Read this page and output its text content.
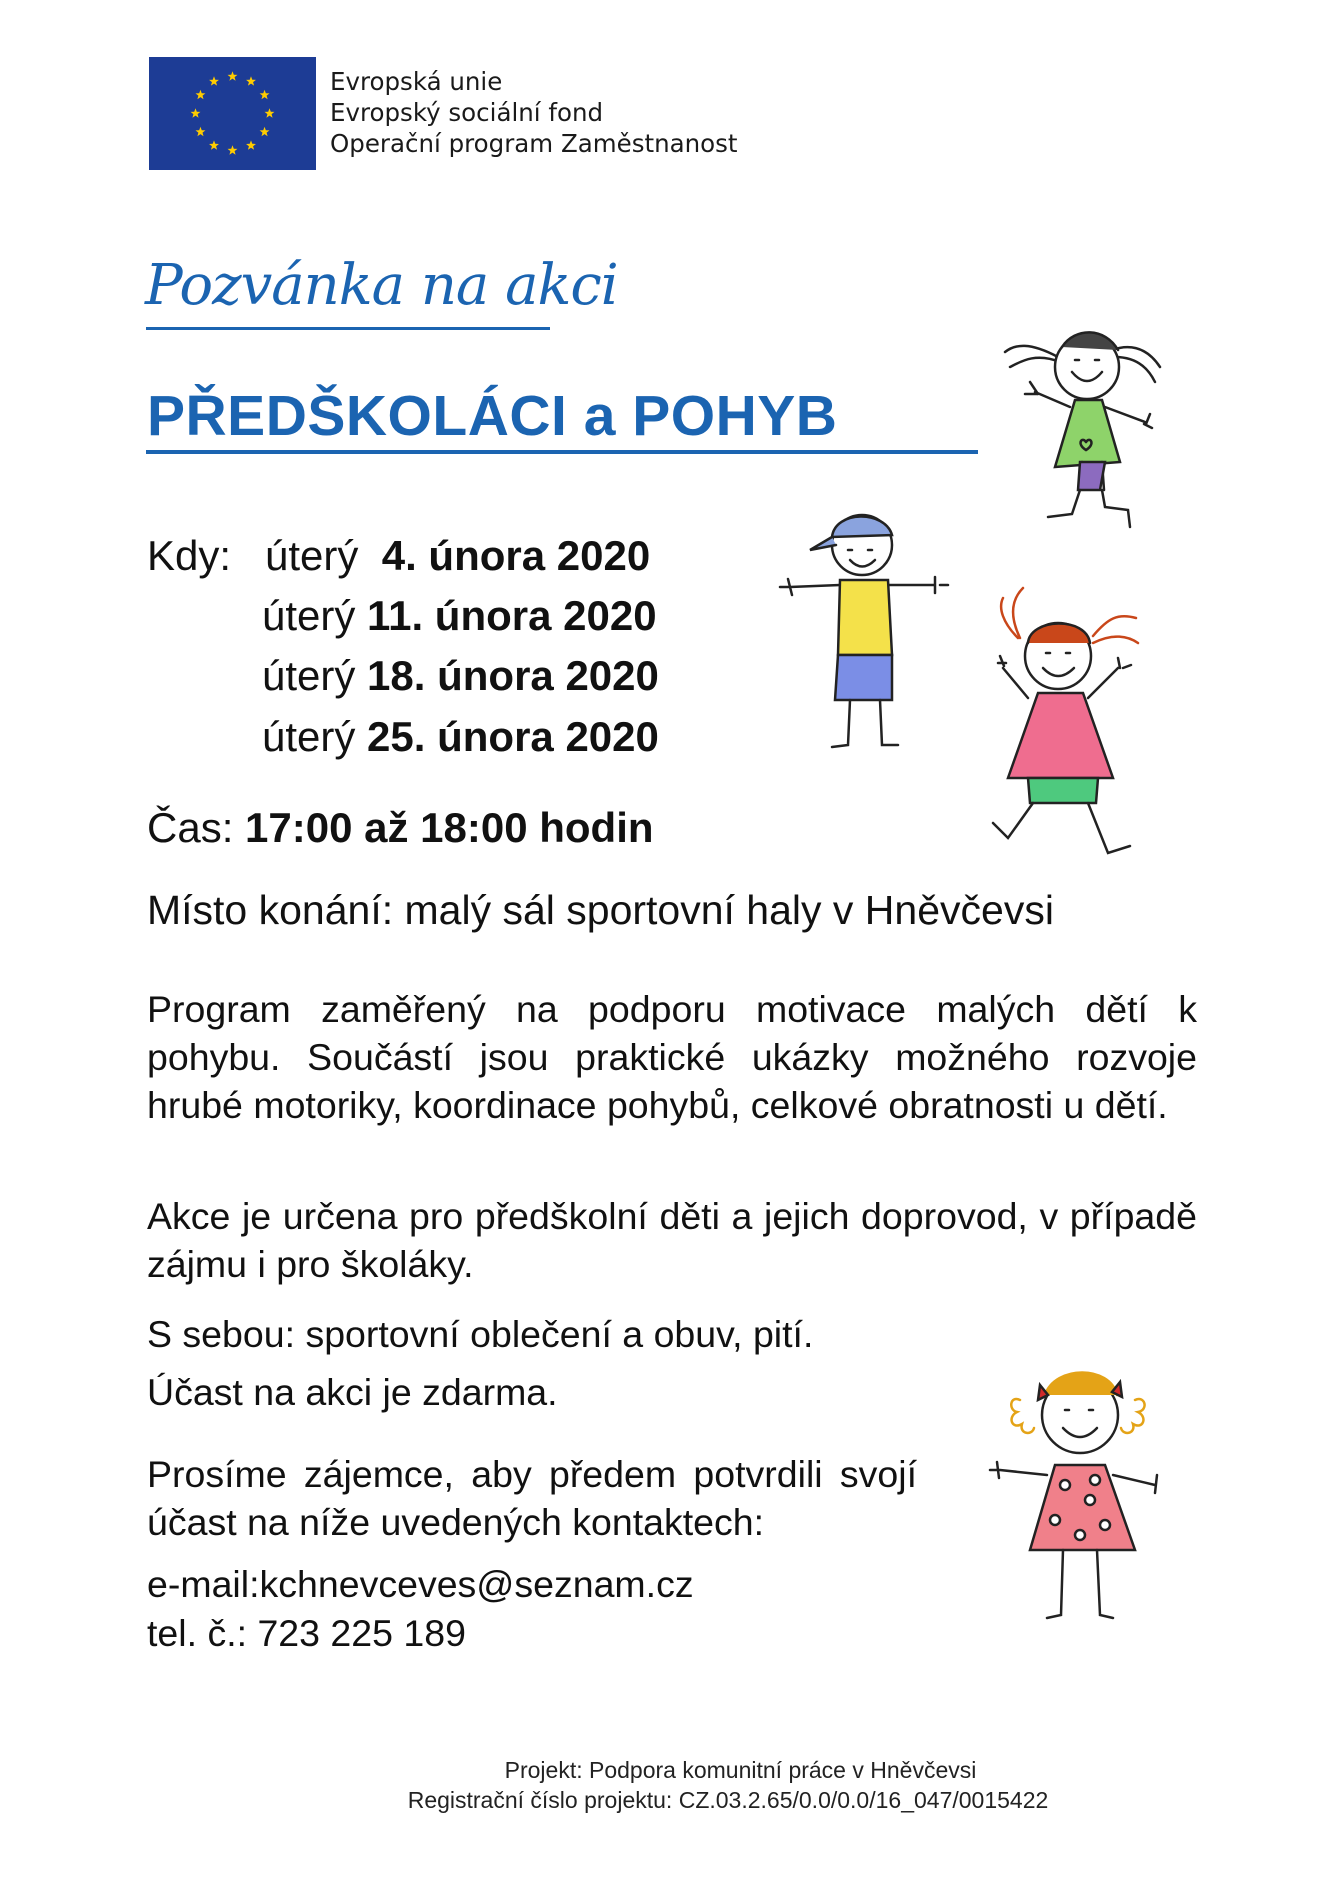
Evropská unie
Evropský sociální fond
Operační program Zaměstnanost
Pozvánka na akci
PŘEDŠKOLÁCI a POHYB
Kdy: úterý 4. února 2020
úterý 11. února 2020
úterý 18. února 2020
úterý 25. února 2020
Čas: 17:00 až 18:00 hodin
Místo konání: malý sál sportovní haly v Hněvčevsi
Program zaměřený na podporu motivace malých dětí k pohybu. Součástí jsou praktické ukázky možného rozvoje hrubé motoriky, koordinace pohybů, celkové obratnosti u dětí.
Akce je určena pro předškolní děti a jejich doprovod, v případě zájmu i pro školáky.
S sebou: sportovní oblečení a obuv, pití.
Účast na akci je zdarma.
Prosíme zájemce, aby předem potvrdili svojí účast na níže uvedených kontaktech:
e-mail:kchnevceves@seznam.cz
tel. č.: 723 225 189
Projekt: Podpora komunitní práce v Hněvčevsi
Registrační číslo projektu: CZ.03.2.65/0.0/0.0/16_047/0015422
